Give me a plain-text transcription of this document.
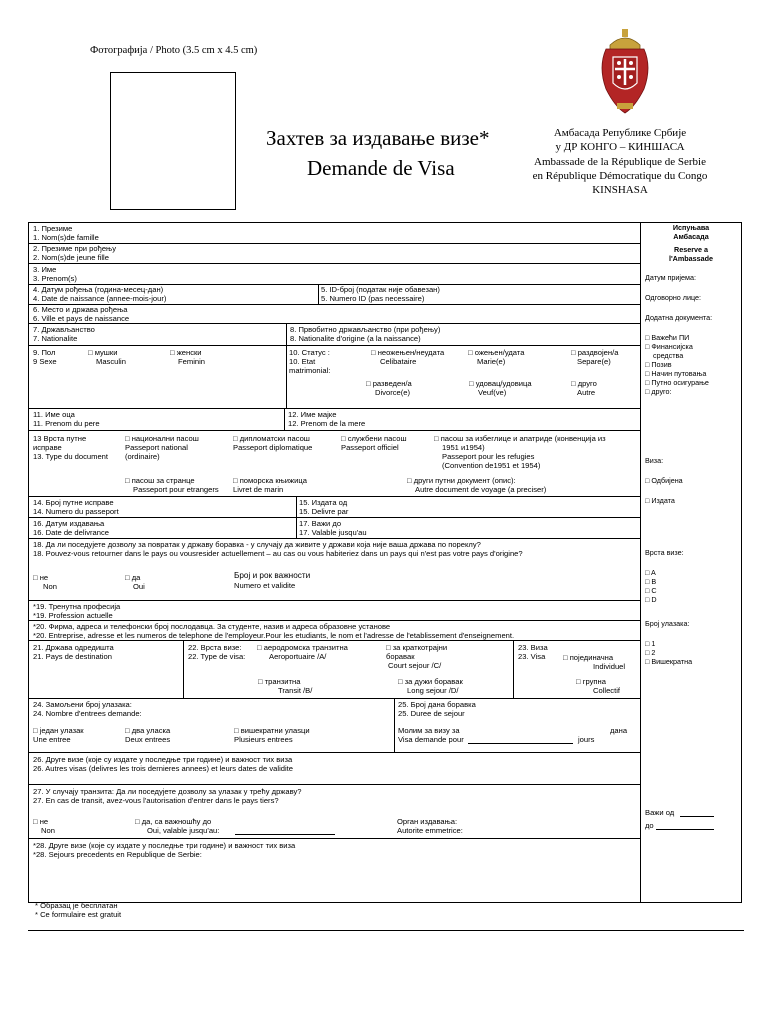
Фотографија / Photo (3.5 cm x 4.5 cm)
Захтев за издавање визе*
Demande de Visa
Амбасада Републике Србије
у ДР КОНГО – КИНШАСА
Ambassade de la République de Serbie
en République Démocratique du Congo
KINSHASA
1. Презиме
1. Nom(s)de famille
2. Презиме при рођењу
2. Nom(s)de jeune fille
3. Име
3. Prenom(s)
4. Датум рођења (година-месец-дан)
4. Date de naissance (annee-mois-jour)
5. ID-број (податак није обавезан)
5. Numero ID (pas necessaire)
6. Место и држава рођења
6. Ville et pays de naissance
7. Држављанство
7. Nationalite
8. Првобитно држављанство (при рођењу)
8. Nationalite d'origine (a la naissance)
9. Пол
9 Sexe
□ мушки
Masculin
□ женски
Feminin
10. Статус :
10. Etat
matrimonial:
□ неожењен/неудата
Celibataire
□ ожењен/удата
Marie(e)
□ раздвојен/а
Separe(e)
□ разведен/а
Divorce(e)
□ удовац/удовица
Veuf(ve)
□ друго
Autre
11. Име оца
11. Prenom du pere
12. Име мајке
12. Prenom de la mere
13 Врста путне
исправе
13. Type du document
□ национални пасош
Passeport national
(ordinaire)
□ дипломатски пасош
Passeport diplomatique
□ службени пасош
Passeport officiel
□ пасош за избеглице и апатриде (конвенција из
1951 и1954)
Passeport pour les refugies
(Convention de1951 et 1954)
□ пасош за странце
Passeport pour etrangers
□ поморска књижица
Livret de marin
□ други путни документ (опис):
Autre document de voyage (a preciser)
14. Број путне исправе
14. Numero du passeport
15. Издата од
15. Delivre par
16. Датум издавања
16. Date de delivrance
17. Важи до
17. Valable jusqu'au
18. Да ли поседујете дозволу за повратак у државу боравка - у случају да живите у држави која није ваша држава по пореклу?
18. Pouvez-vous retourner dans le pays ou vousresider actuellement – au cas ou vous habiteriez dans un pays qui n'est pas votre pays d'origine?
□ не
Non
□ да
Oui
Број и рок важности
Numero et validite
*19. Тренутна професија
*19. Profession actuelle
*20. Фирма, адреса и телефонски број послодавца. За студенте, назив и адреса образовне установе
*20. Entreprise, adresse et les numeros de telephone de l'employeur.Pour les etudiants, le nom et l'adresse de l'etablissement d'enseignement.
21. Држава одредишта
21. Pays de destination
22. Врста визе:
22. Type de visa:
□ аеродромска транзитна
Aeroportuaire /A/
□ за краткотрајни
боравак
Court sejour /C/
□ транзитна
Transit /B/
□ за дужи боравак
Long sejour /D/
23. Виза
23. Visa	□ појединачна
Individuel
□ групна
Collectif
24. Замољени број улазака:
24. Nombre d'entrees demande:
□ један улазак
Une entree
□ два уласка
Deux entrees
□ вишекратни улаsци
Plusieurs entrees
25. Број дана боравка
25. Duree de sejour
Молим за визу за	дана
Visa demande pour	jours
26. Друге визе (које су издате у последње три године) и важност тих виза
26. Autres visas (delivres les trois dernieres annees) et leurs dates de validite
27. У случају транзита: Да ли поседујете дозволу за улазак у трећу државу?
27. En cas de transit, avez-vous l'autorisation d'entrer dans le pays tiers?
□ не
Non
□ да, са важношћу до
Oui, valable jusqu'au:
Орган издавања:
Autorite emmetrice:
*28. Друге визе (које су издате у последње три године) и важност тих виза
*28. Sejours precedents en Republique de Serbie:
Испуњава
Амбасада
Reserve a
l'Ambassade
Датум пријема:
Одговорно лице:
Додатна документа:
□ Важећи ПИ
□ Финансијска
средства
□ Позив
□ Начин путовања
□ Путно осигурање
□ друго:
Виза:
□ Одбијена
□ Издата
Врста визе:
□ A
□ B
□ C
□ D
Број улазака:
□ 1
□ 2
□ Вишекратна
Важи од
до
* Образац је бесплатан
* Ce formulaire est gratuit
